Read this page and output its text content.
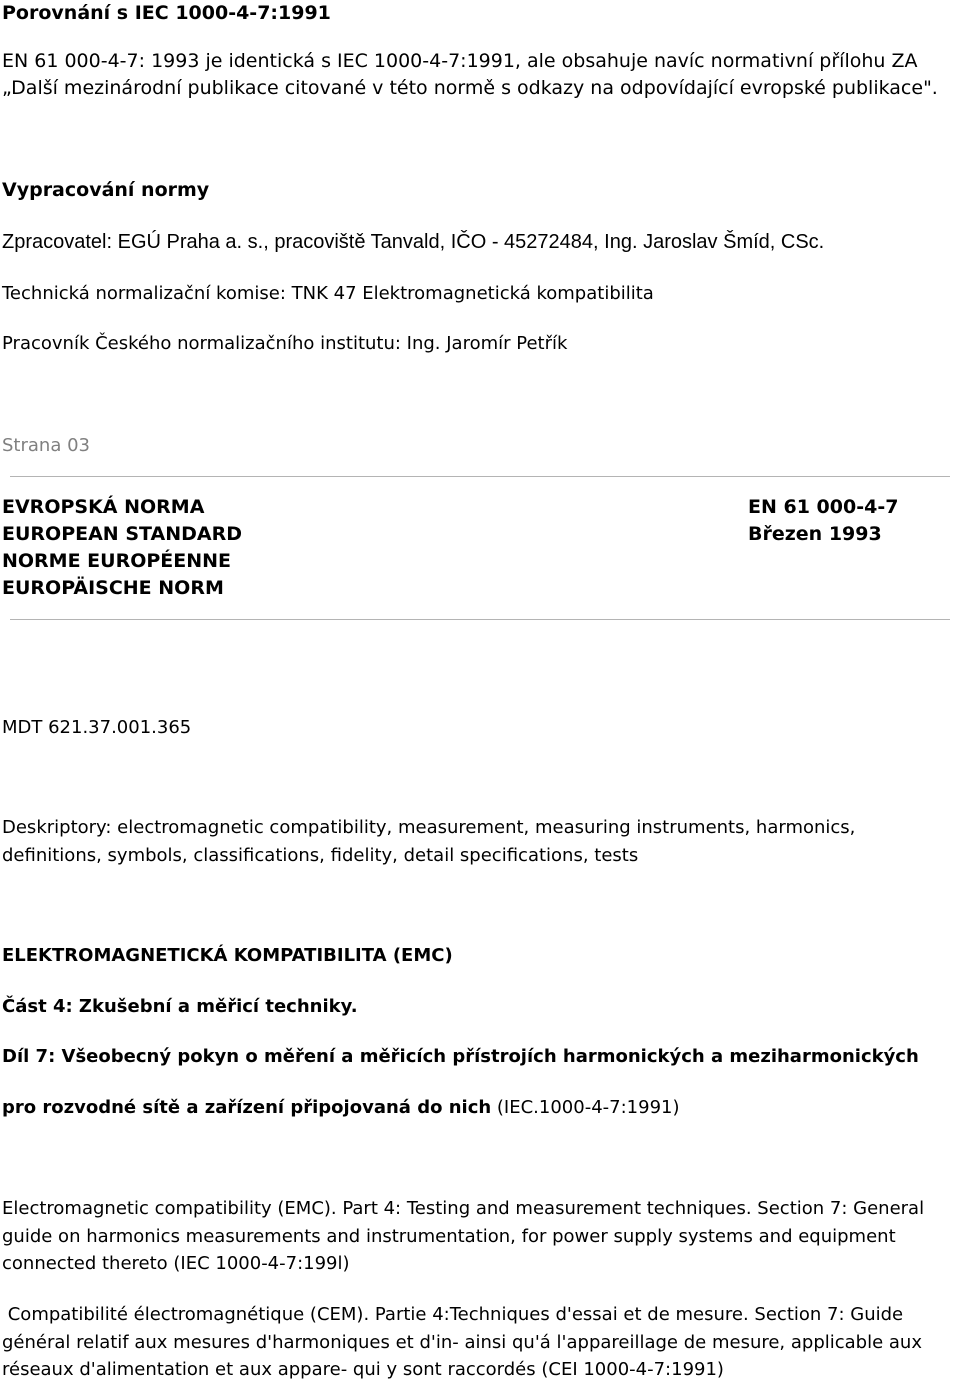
Porovnání s IEC 1000-4-7:1991
EN 61 000-4-7: 1993 je identická s IEC 1000-4-7:1991, ale obsahuje navíc normativní přílohu ZA „Další mezinárodní publikace citované v této normě s odkazy na odpovídající evropské publikace".
Vypracování normy
Zpracovatel: EGÚ Praha a. s., pracoviště Tanvald, IČO - 45272484, Ing. Jaroslav Šmíd, CSc.
Technická normalizační komise: TNK 47 Elektromagnetická kompatibilita
Pracovník Českého normalizačního institutu: Ing. Jaromír Petřík
Strana 03
EVROPSKÁ NORMA
EUROPEAN STANDARD
NORME EUROPÉENNE
EUROPÄISCHE NORM
EN 61 000-4-7
Březen 1993
MDT 621.37.001.365
Deskriptory: electromagnetic compatibility, measurement, measuring instruments, harmonics, definitions, symbols, classifications, fidelity, detail specifications, tests
ELEKTROMAGNETICKÁ KOMPATIBILITA (EMC)
Část 4: Zkušební a měřicí techniky.
Díl 7: Všeobecný pokyn o měření a měřicích přístrojích harmonických a meziharmonických
pro rozvodné sítě a zařízení připojovaná do nich (IEC.1000-4-7:1991)
Electromagnetic compatibility (EMC). Part 4: Testing and measurement techniques. Section 7: General guide on harmonics measurements and instrumentation, for power supply systems and equipment connected thereto (IEC 1000-4-7:199l)
Compatibilité électromagnétique (CEM). Partie 4:Techniques d'essai et de mesure. Section 7: Guide général relatif aux mesures d'harmoniques et d'in- ainsi qu'á l'appareillage de mesure, applicable aux réseaux d'alimentation et aux appare- qui y sont raccordés (CEI 1000-4-7:1991)
